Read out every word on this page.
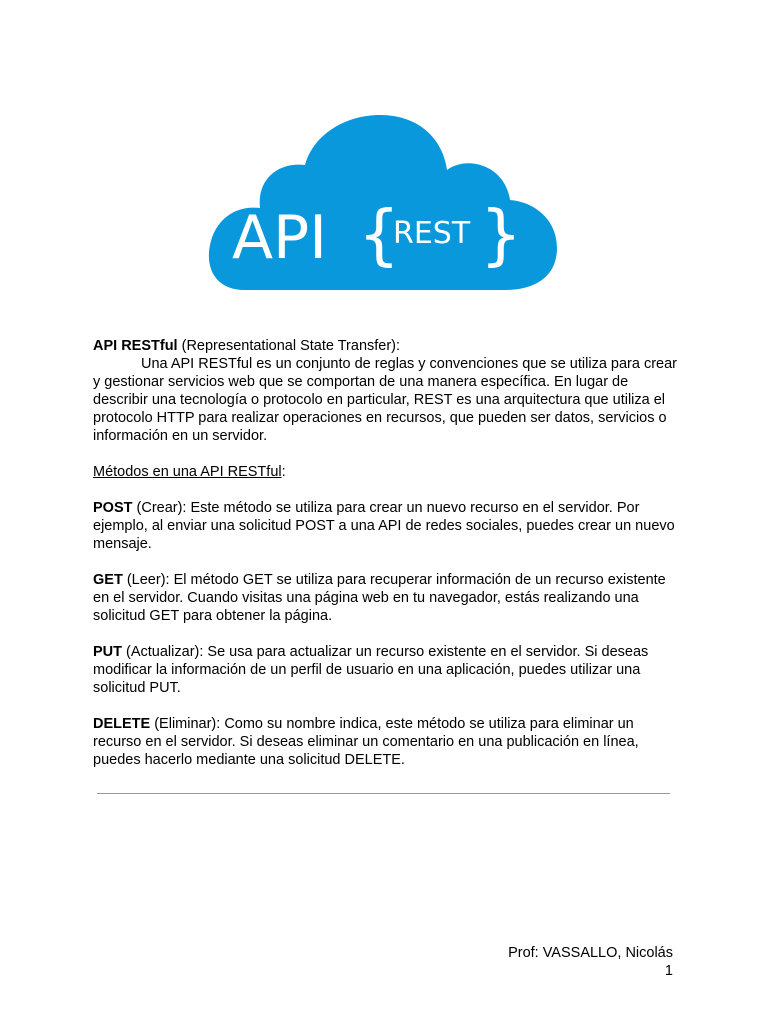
API {
REST }

API RESTful (Representational State Transfer):

Una API RESTful es un conjunto de reglas y convenciones que se utiliza para crear y gestionar servicios web que se comportan de una manera específica. En lugar de describir una tecnología o protocolo en particular, REST es una arquitectura que utiliza el protocolo HTTP para realizar operaciones en recursos, que pueden ser datos, servicios o información en un servidor.

Métodos en una API RESTful:

POST (Crear): Este método se utiliza para crear un nuevo recurso en el servidor. Por ejemplo, al enviar una solicitud POST a una API de redes sociales, puedes crear un nuevo mensaje.

GET (Leer): El método GET se utiliza para recuperar información de un recurso existente en el servidor. Cuando visitas una página web en tu navegador, estás realizando una solicitud GET para obtener la página.

PUT (Actualizar): Se usa para actualizar un recurso existente en el servidor. Si deseas modificar la información de un perfil de usuario en una aplicación, puedes utilizar una solicitud PUT.

DELETE (Eliminar): Como su nombre indica, este método se utiliza para eliminar un recurso en el servidor. Si deseas eliminar un comentario en una publicación en línea, puedes hacerlo mediante una solicitud DELETE.

Prof: VASSALLO, Nicolás
1
